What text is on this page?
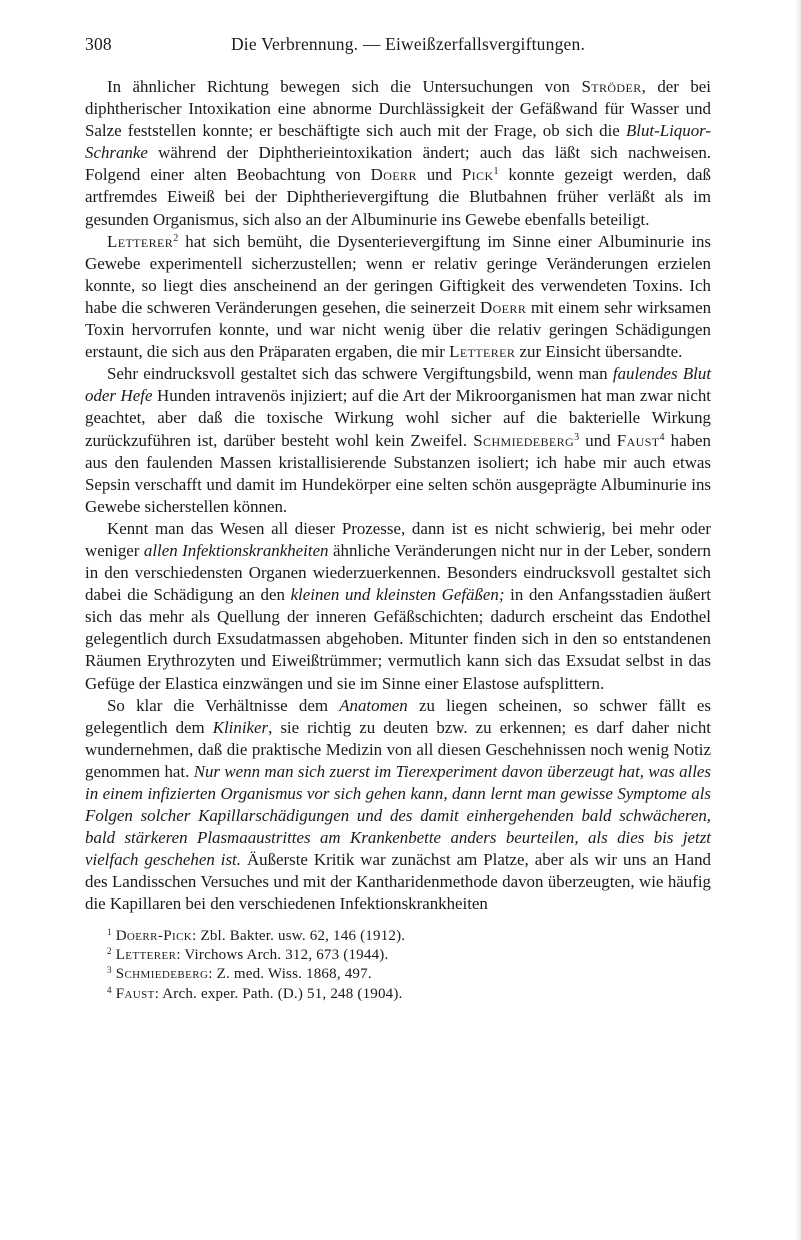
308	Die Verbrennung. — Eiweißzerfallsvergiftungen.

In ähnlicher Richtung bewegen sich die Untersuchungen von Ströder, der bei diphtherischer Intoxikation eine abnorme Durchlässigkeit der Gefäßwand für Wasser und Salze feststellen konnte; er beschäftigte sich auch mit der Frage, ob sich die Blut-Liquor-Schranke während der Diphtherieintoxikation ändert; auch das läßt sich nachweisen. Folgend einer alten Beobachtung von Doerr und Pick$^1$ konnte gezeigt werden, daß artfremdes Eiweiß bei der Diphtherievergiftung die Blutbahnen früher verläßt als im gesunden Organismus, sich also an der Albuminurie ins Gewebe ebenfalls beteiligt.

Letterer$^2$ hat sich bemüht, die Dysenterievergiftung im Sinne einer Albuminurie ins Gewebe experimentell sicherzustellen; wenn er relativ geringe Veränderungen erzielen konnte, so liegt dies anscheinend an der geringen Giftigkeit des verwendeten Toxins. Ich habe die schweren Veränderungen gesehen, die seinerzeit Doerr mit einem sehr wirksamen Toxin hervorrufen konnte, und war nicht wenig über die relativ geringen Schädigungen erstaunt, die sich aus den Präparaten ergaben, die mir Letterer zur Einsicht übersandte.

Sehr eindrucksvoll gestaltet sich das schwere Vergiftungsbild, wenn man faulendes Blut oder Hefe Hunden intravenös injiziert; auf die Art der Mikroorganismen hat man zwar nicht geachtet, aber daß die toxische Wirkung wohl sicher auf die bakterielle Wirkung zurückzuführen ist, darüber besteht wohl kein Zweifel. Schmiedeberg$^3$ und Faust$^4$ haben aus den faulenden Massen kristallisierende Substanzen isoliert; ich habe mir auch etwas Sepsin verschafft und damit im Hundekörper eine selten schön ausgeprägte Albuminurie ins Gewebe sicherstellen können.

Kennt man das Wesen all dieser Prozesse, dann ist es nicht schwierig, bei mehr oder weniger allen Infektionskrankheiten ähnliche Veränderungen nicht nur in der Leber, sondern in den verschiedensten Organen wiederzuerkennen. Besonders eindrucksvoll gestaltet sich dabei die Schädigung an den kleinen und kleinsten Gefäßen; in den Anfangsstadien äußert sich das mehr als Quellung der inneren Gefäßschichten; dadurch erscheint das Endothel gelegentlich durch Exsudatmassen abgehoben. Mitunter finden sich in den so entstandenen Räumen Erythrozyten und Eiweißtrümmer; vermutlich kann sich das Exsudat selbst in das Gefüge der Elastica einzwängen und sie im Sinne einer Elastose aufsplittern.

So klar die Verhältnisse dem Anatomen zu liegen scheinen, so schwer fällt es gelegentlich dem Kliniker, sie richtig zu deuten bzw. zu erkennen; es darf daher nicht wundernehmen, daß die praktische Medizin von all diesen Geschehnissen noch wenig Notiz genommen hat. Nur wenn man sich zuerst im Tierexperiment davon überzeugt hat, was alles in einem infizierten Organismus vor sich gehen kann, dann lernt man gewisse Symptome als Folgen solcher Kapillarschädigungen und des damit einhergehenden bald schwächeren, bald stärkeren Plasmaaustrittes am Krankenbette anders beurteilen, als dies bis jetzt vielfach geschehen ist. Äußerste Kritik war zunächst am Platze, aber als wir uns an Hand des Landisschen Versuches und mit der Kantharidenmethode davon überzeugten, wie häufig die Kapillaren bei den verschiedenen Infektionskrankheiten

$^1$ Doerr-Pick: Zbl. Bakter. usw. 62, 146 (1912).

$^2$ Letterer: Virchows Arch. 312, 673 (1944).

$^3$ Schmiedeberg: Z. med. Wiss. 1868, 497.

$^4$ Faust: Arch. exper. Path. (D.) 51, 248 (1904).
